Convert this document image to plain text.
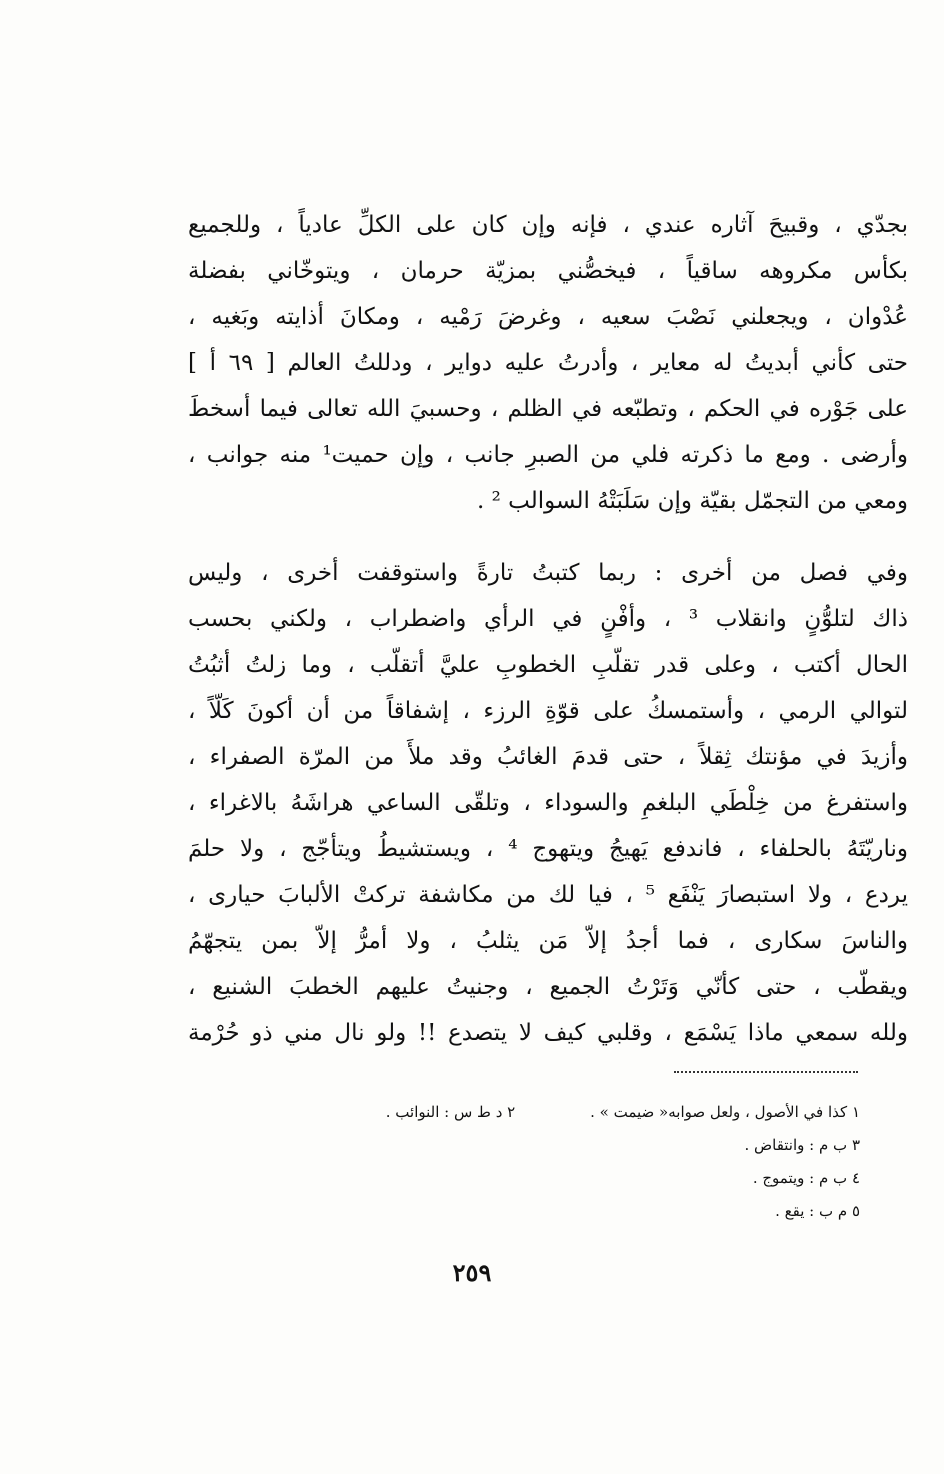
بجدّي ، وقبيحَ آثاره عندي ، فإنه وإن كان على الكلِّ عادياً ، وللجميع
بكأس مكروهه ساقياً ، فيخصُّني بمزيّة حرمان ، ويتوخّاني بفضلة
عُدْوان ، ويجعلني نَصْبَ سعيه ، وغرضَ رَمْيه ، ومكانَ أذايته وبَغيه ،
حتى كأني أبديتُ له معاير ، وأدرتُ عليه دواير ، ودللتُ العالم [ ٦٩ أ ]
على جَوْره في الحكم ، وتطبّعه في الظلم ، وحسبيَ الله تعالى فيما أسخطَ
وأرضى . ومع ما ذكرته فلي من الصبرِ جانب ، وإن حميت¹ منه جوانب ،
ومعي من التجمّل بقيّة وإن سَلَبَتْهُ السوالب ² .
وفي فصل من أخرى : ربما كتبتُ تارةً واستوقفت أخرى ، وليس
ذاك لتلوُّنٍ وانقلاب ³ ، وأفْنٍ في الرأي واضطراب ، ولكني بحسب
الحال أكتب ، وعلى قدر تقلّبِ الخطوبِ عليَّ أتقلّب ، وما زلتُ أثبُتُ
لتوالي الرمي ، وأستمسكُ على قوّةِ الرزء ، إشفاقاً من أن أكونَ كَلّاً ،
وأزيدَ في مؤنتك ثِقلاً ، حتى قدمَ الغائبُ وقد ملأَ من المرّة الصفراء ،
واستفرغ من خِلْطَي البلغمِ والسوداء ، وتلقّى الساعي هراشَهُ بالاغراء ،
وناريّتَهُ بالحلفاء ، فاندفع يَهيجُ ويتهوج ⁴ ، ويستشيطُ ويتأجّج ، ولا حلمَ
يردع ، ولا استبصارَ يَنْفَع ⁵ ، فيا لك من مكاشفة تركتْ الألبابَ حيارى ،
والناسَ سكارى ، فما أجدُ إلاّ مَن يثلبُ ، ولا أمرُّ إلاّ بمن يتجهّمُ
ويقطّب ، حتى كأنّي وَتَرْتُ الجميع ، وجنيتُ عليهم الخطبَ الشنيع ،
ولله سمعي ماذا يَسْمَع ، وقلبي كيف لا يتصدع !! ولو نال مني ذو حُرْمة
١ كذا في الأصول ، ولعل صوابه« ضيمت » . ٢ د ط س : النوائب .
٣ ب م : وانتقاض .
٤ ب م : ويتموج .
٥ م ب : يقع .
٢٥٩
